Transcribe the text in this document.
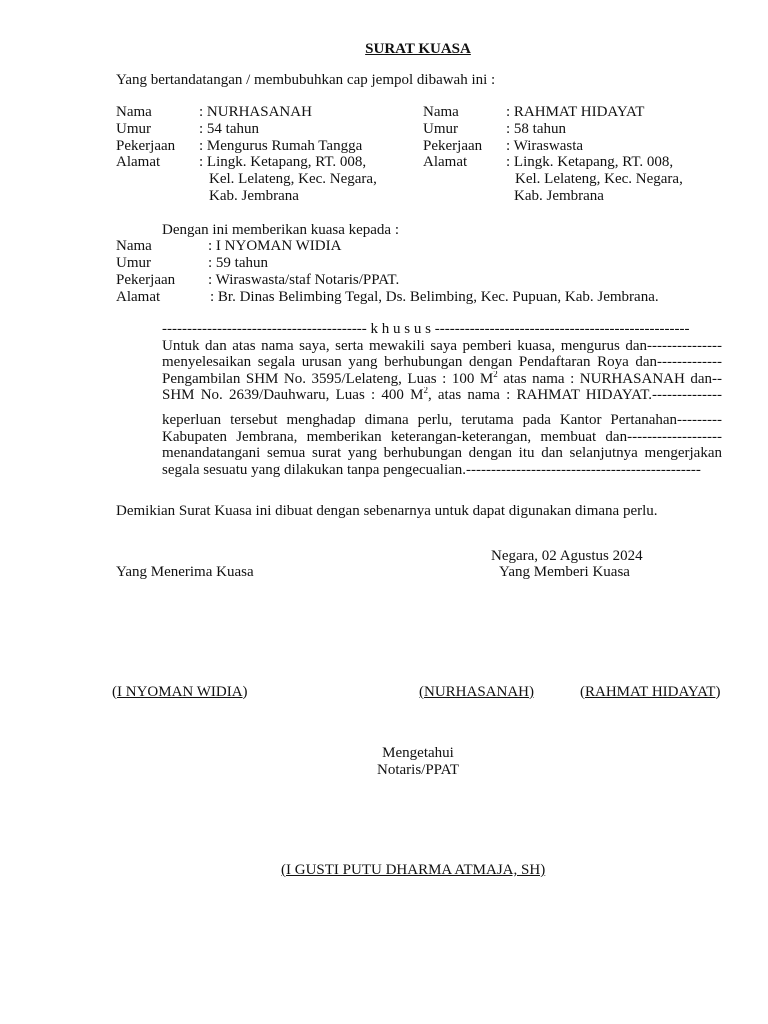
SURAT KUASA
Yang bertandatangan / membubuhkan cap jempol dibawah ini :
Nama	: NURHASANAH
Umur	: 54 tahun
Pekerjaan : Mengurus Rumah Tangga
Alamat	: Lingk. Ketapang, RT. 008,
Kel. Lelateng, Kec. Negara,
Kab. Jembrana
Nama	: RAHMAT HIDAYAT
Umur	: 58 tahun
Pekerjaan : Wiraswasta
Alamat	: Lingk. Ketapang, RT. 008,
Kel. Lelateng, Kec. Negara,
Kab. Jembrana
Dengan ini memberikan kuasa kepada :
Nama	: I NYOMAN WIDIA
Umur	: 59 tahun
Pekerjaan : Wiraswasta/staf Notaris/PPAT.
Alamat	: Br. Dinas Belimbing Tegal, Ds. Belimbing, Kec. Pupuan, Kab. Jembrana.
----------------------------------------- k h u s u s ---------------------------------------------------
Untuk dan atas nama saya, serta mewakili saya pemberi kuasa, mengurus dan---------------
menyelesaikan segala urusan yang berhubungan dengan Pendaftaran Roya dan-------------
Pengambilan SHM No. 3595/Lelateng, Luas : 100 $M^2$ atas nama : NURHASANAH dan--
SHM No. 2639/Dauhwaru, Luas : 400 $M^2$, atas nama : RAHMAT HIDAYAT.--------------
keperluan tersebut menghadap dimana perlu, terutama pada Kantor Pertanahan---------
Kabupaten Jembrana, memberikan keterangan-keterangan, membuat dan-------------------
menandatangani semua surat yang berhubungan dengan itu dan selanjutnya mengerjakan
segala sesuatu yang dilakukan tanpa pengecualian.-----------------------------------------------
Demikian Surat Kuasa ini dibuat dengan sebenarnya untuk dapat digunakan dimana perlu.
Negara, 02 Agustus 2024
Yang Menerima Kuasa	Yang Memberi Kuasa
(I NYOMAN WIDIA)	(NURHASANAH)	(RAHMAT HIDAYAT)
Mengetahui
Notaris/PPAT
(I GUSTI PUTU DHARMA ATMAJA, SH)
